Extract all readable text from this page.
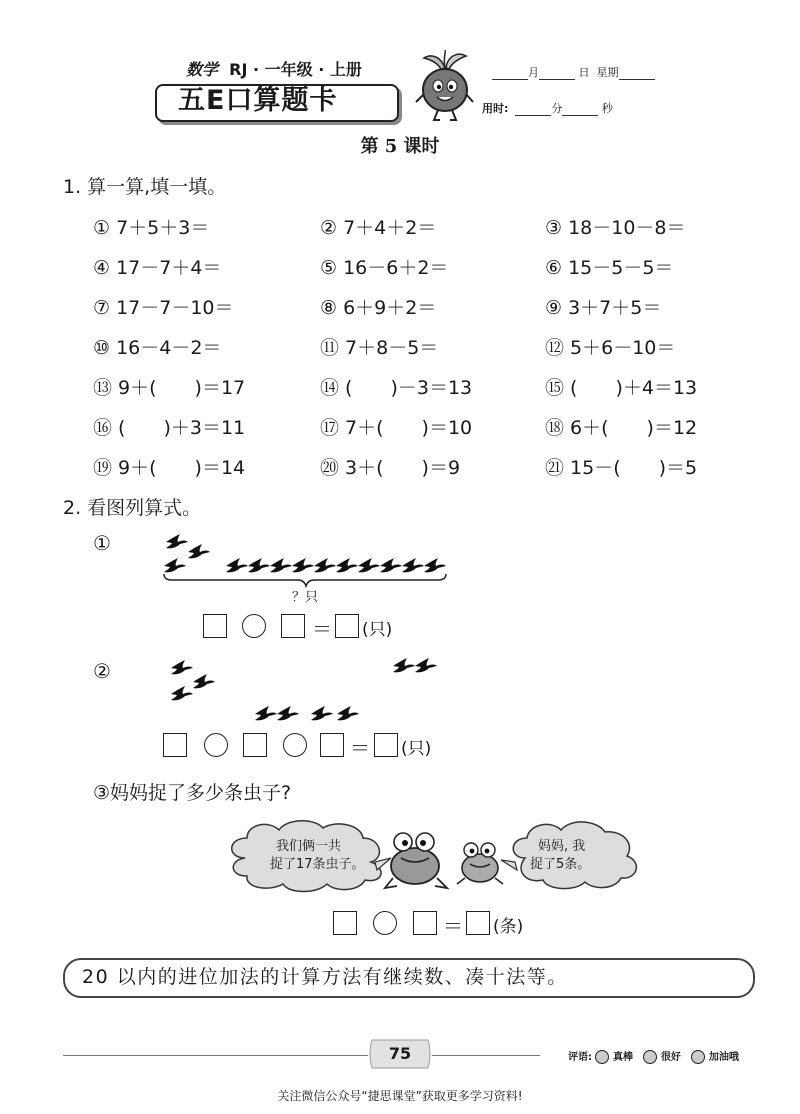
数学 RJ · 一年级 · 上册
五E口算题卡
月	日 星期
用时:	分	秒
第 5 课时
1. 算一算,填一填。
① 7＋5＋3＝	② 7＋4＋2＝	③ 18－10－8＝
④ 17－7＋4＝	⑤ 16－6＋2＝	⑥ 15－5－5＝
⑦ 17－7－10＝	⑧ 6＋9＋2＝	⑨ 3＋7＋5＝
⑩ 16－4－2＝	⑪ 7＋8－5＝	⑫ 5＋6－10＝
⑬ 9＋(　　)＝17	⑭ (　　)－3＝13	⑮ (　　)＋4＝13
⑯ (　　)＋3＝11	⑰ 7＋(　　)＝10	⑱ 6＋(　　)＝12
⑲ 9＋(　　)＝14	⑳ 3＋(　　)＝9	㉑ 15－(　　)＝5
2. 看图列算式。
①
？只
＝ (只)
②
＝ (只)
③妈妈捉了多少条虫子?
我们俩一共
捉了17条虫子。
妈妈, 我
捉了5条。
＝ (条)
20 以内的进位加法的计算方法有继续数、凑十法等。
75	评语: 真棒	很好	加油哦
关注微信公众号“捷思课堂”获取更多学习资料!
